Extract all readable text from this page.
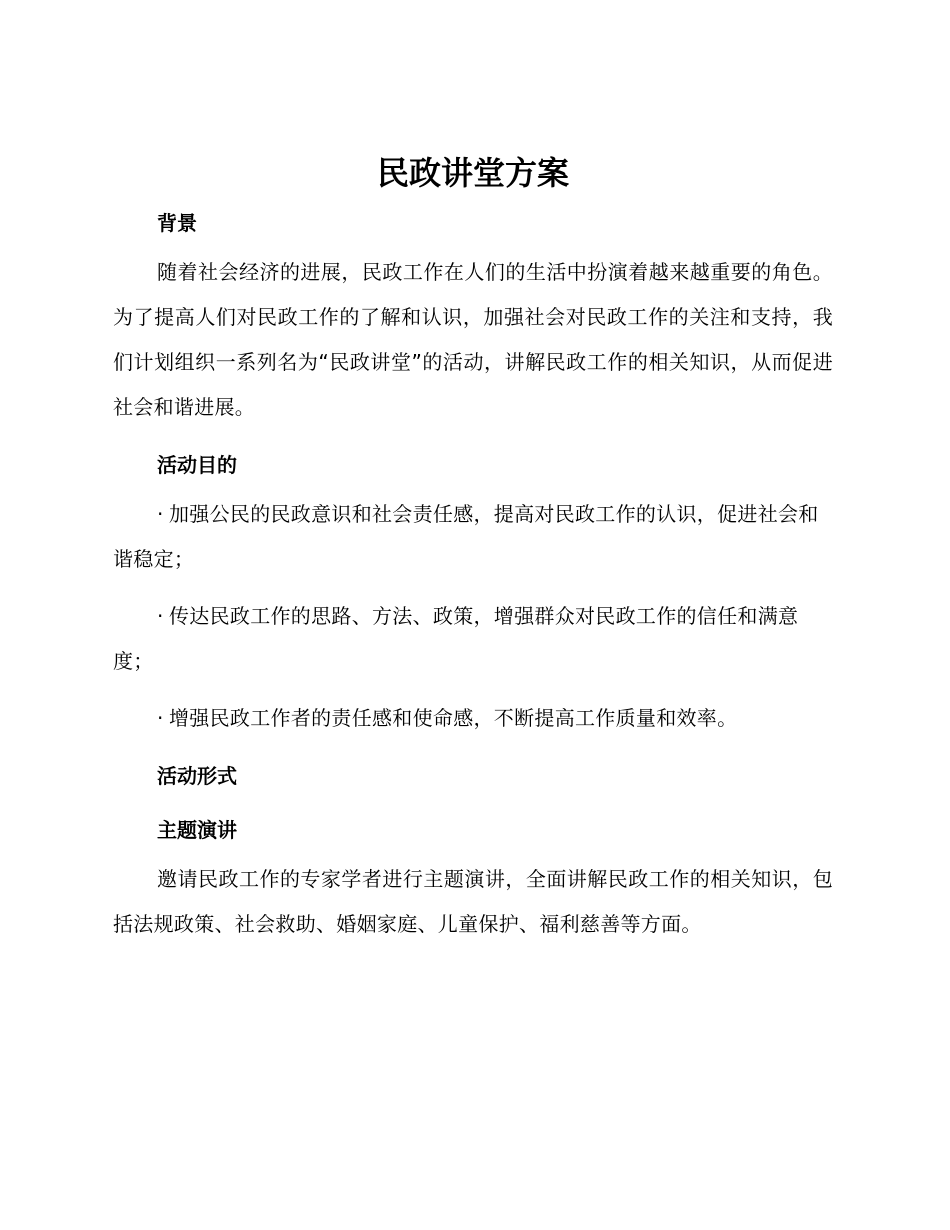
民政讲堂方案
背景

随着社会经济的进展，民政工作在人们的生活中扮演着越来越重要的角色。为了提高人们对民政工作的了解和认识，加强社会对民政工作的关注和支持，我们计划组织一系列名为“民政讲堂”的活动，讲解民政工作的相关知识，从而促进社会和谐进展。

活动目的

· 加强公民的民政意识和社会责任感，提高对民政工作的认识，促进社会和谐稳定；

· 传达民政工作的思路、方法、政策，增强群众对民政工作的信任和满意度；

· 增强民政工作者的责任感和使命感，不断提高工作质量和效率。

活动形式
主题演讲

邀请民政工作的专家学者进行主题演讲，全面讲解民政工作的相关知识，包括法规政策、社会救助、婚姻家庭、儿童保护、福利慈善等方面。
